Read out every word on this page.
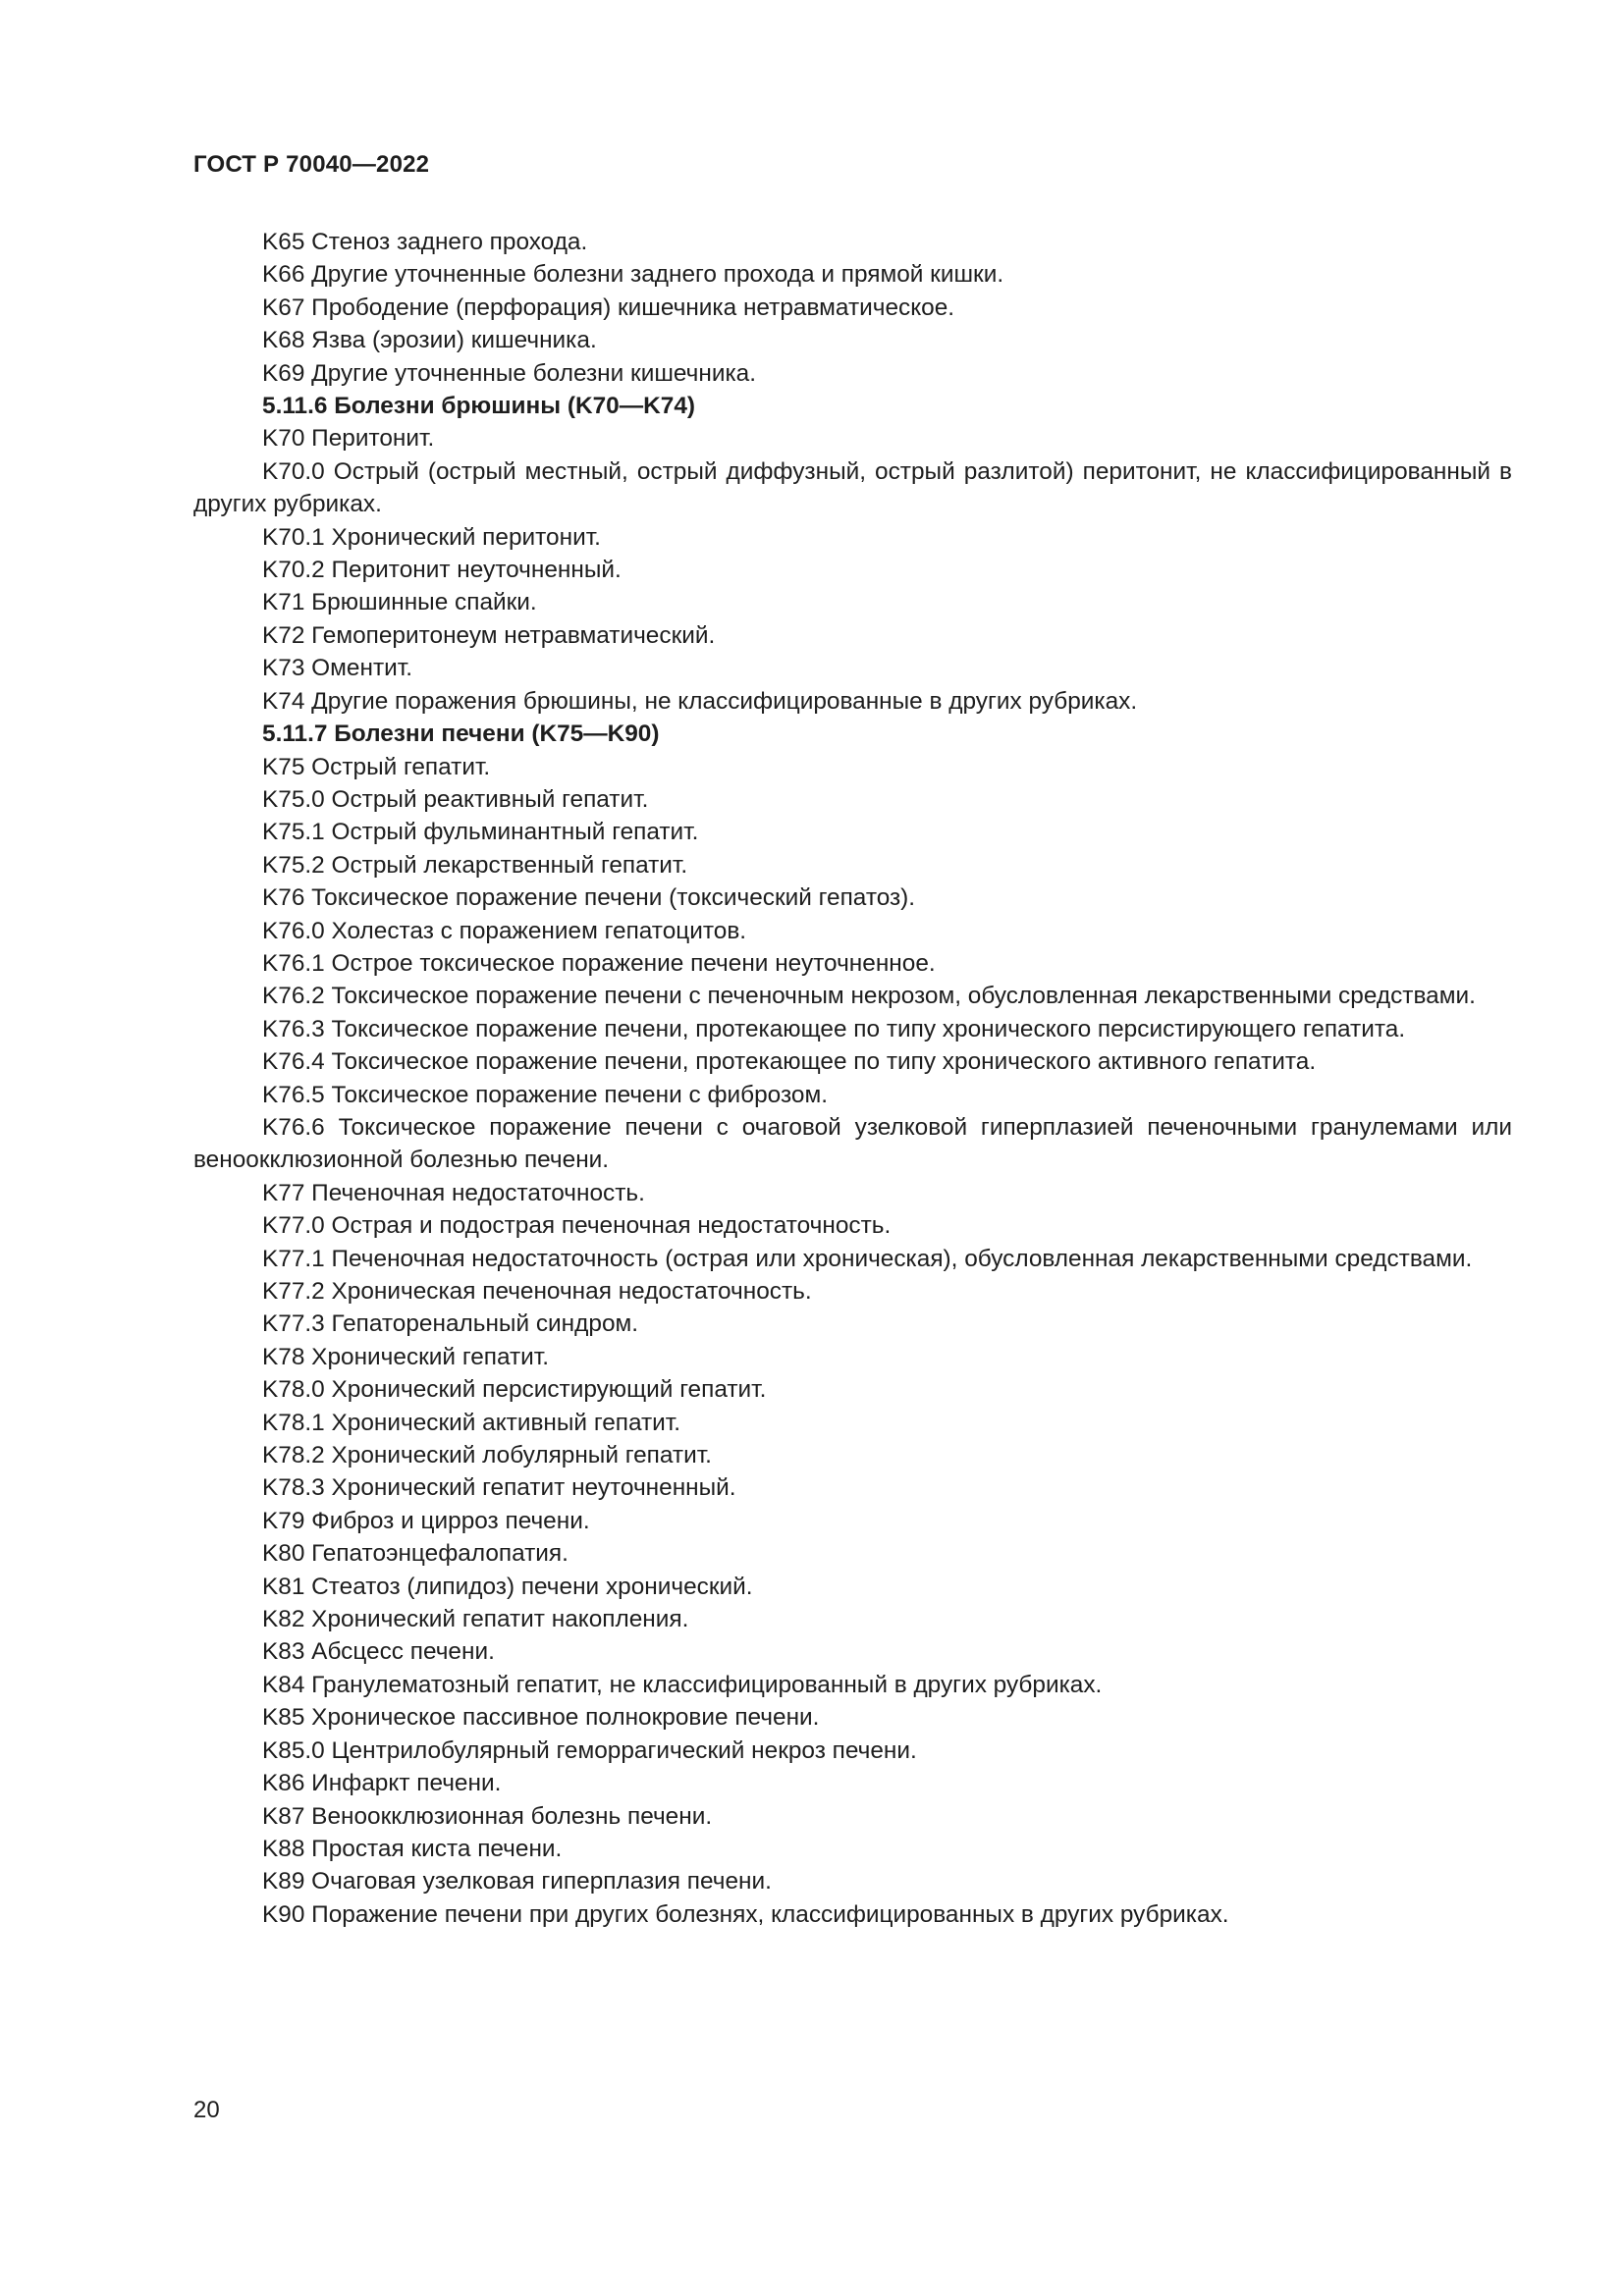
ГОСТ Р 70040—2022

K65 Стеноз заднего прохода.

K66 Другие уточненные болезни заднего прохода и прямой кишки.

K67 Прободение (перфорация) кишечника нетравматическое.

K68 Язва (эрозии) кишечника.

K69 Другие уточненные болезни кишечника.

5.11.6 Болезни брюшины (K70—K74)

K70 Перитонит.

K70.0 Острый (острый местный, острый диффузный, острый разлитой) перитонит, не классифицированный в других рубриках.

K70.1 Хронический перитонит.

K70.2 Перитонит неуточненный.

K71 Брюшинные спайки.

K72 Гемоперитонеум нетравматический.

K73 Оментит.

K74 Другие поражения брюшины, не классифицированные в других рубриках.

5.11.7 Болезни печени (K75—K90)

K75 Острый гепатит.

K75.0 Острый реактивный гепатит.

K75.1 Острый фульминантный гепатит.

K75.2 Острый лекарственный гепатит.

K76 Токсическое поражение печени (токсический гепатоз).

K76.0 Холестаз с поражением гепатоцитов.

K76.1 Острое токсическое поражение печени неуточненное.

K76.2 Токсическое поражение печени с печеночным некрозом, обусловленная лекарственными средствами.

K76.3 Токсическое поражение печени, протекающее по типу хронического персистирующего гепатита.

K76.4 Токсическое поражение печени, протекающее по типу хронического активного гепатита.

K76.5 Токсическое поражение печени с фиброзом.

K76.6 Токсическое поражение печени с очаговой узелковой гиперплазией печеночными гранулемами или веноокклюзионной болезнью печени.

K77 Печеночная недостаточность.

K77.0 Острая и подострая печеночная недостаточность.

K77.1 Печеночная недостаточность (острая или хроническая), обусловленная лекарственными средствами.

K77.2 Хроническая печеночная недостаточность.

K77.3 Гепаторенальный синдром.

K78 Хронический гепатит.

K78.0 Хронический персистирующий гепатит.

K78.1 Хронический активный гепатит.

K78.2 Хронический лобулярный гепатит.

K78.3 Хронический гепатит неуточненный.

K79 Фиброз и цирроз печени.

K80 Гепатоэнцефалопатия.

K81 Стеатоз (липидоз) печени хронический.

K82 Хронический гепатит накопления.

K83 Абсцесс печени.

K84 Гранулематозный гепатит, не классифицированный в других рубриках.

K85 Хроническое пассивное полнокровие печени.

K85.0 Центрилобулярный геморрагический некроз печени.

K86 Инфаркт печени.

K87 Веноокклюзионная болезнь печени.

K88 Простая киста печени.

K89 Очаговая узелковая гиперплазия печени.

K90 Поражение печени при других болезнях, классифицированных в других рубриках.

20
